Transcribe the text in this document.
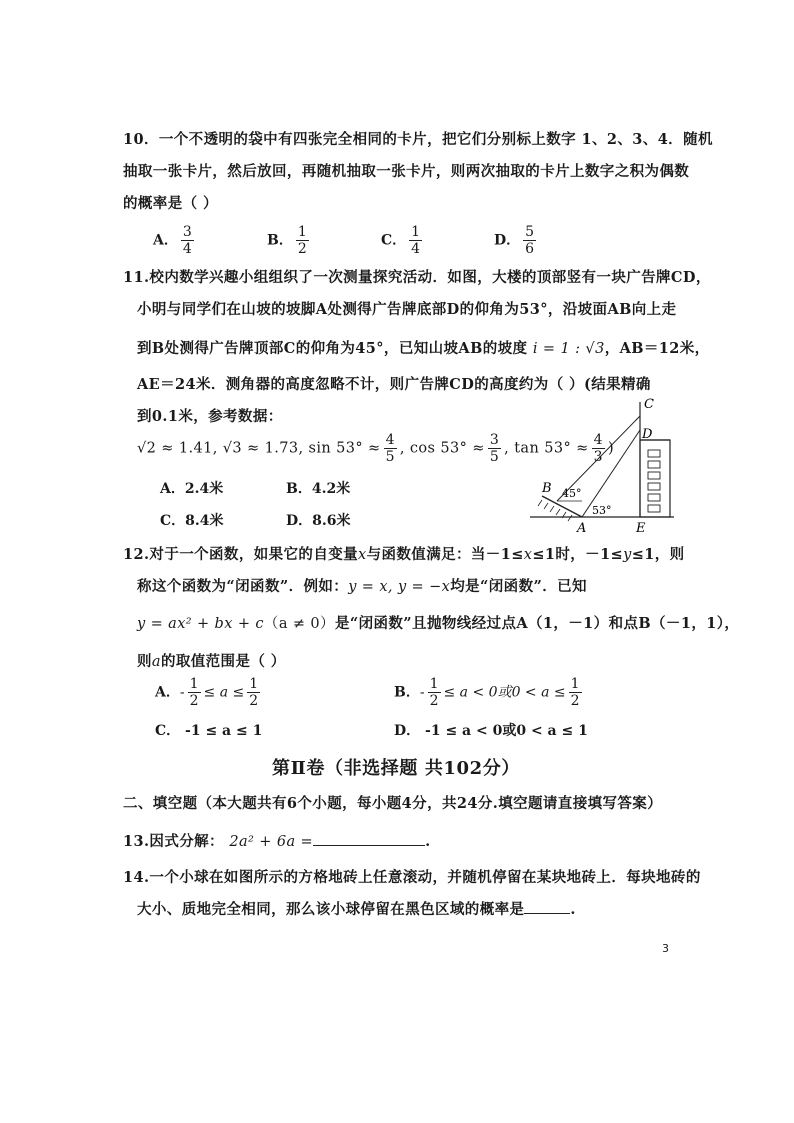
10．一个不透明的袋中有四张完全相同的卡片，把它们分别标上数字 1、2、3、4．随机
抽取一张卡片，然后放回，再随机抽取一张卡片，则两次抽取的卡片上数字之积为偶数
的概率是（ ）
A． $\frac{3}{4}$	B． $\frac{1}{2}$	C． $\frac{1}{4}$	D． $\frac{5}{6}$
11.校内数学兴趣小组组织了一次测量探究活动．如图，大楼的顶部竖有一块广告牌CD，
小明与同学们在山坡的坡脚A处测得广告牌底部D的仰角为53°，沿坡面AB向上走
到B处测得广告牌顶部C的仰角为45°，已知山坡AB的坡度 i = 1 : √3，AB＝12米，
AE＝24米．测角器的高度忽略不计，则广告牌CD的高度约为（ ）(结果精确
到0.1米，参考数据：
√2 ≈ 1.41, √3 ≈ 1.73, $\sin 53^\circ \approx \frac{4}{5}$ , $\cos 53^\circ \approx \frac{3}{5}$ , $\tan 53^\circ \approx \frac{4}{3}$ )
A．2.4米	B．4.2米
C．8.4米	D．8.6米
C
D
B
A	E
45°
53°
12.对于一个函数，如果它的自变量x与函数值满足：当－1≤x≤1时，－1≤y≤1，则
称这个函数为“闭函数”．例如：y = x, y = −x均是“闭函数”．已知
y = ax² + bx + c（a ≠ 0）是“闭函数”且抛物线经过点A（1，－1）和点B（－1，1），
则a的取值范围是（ ）
A．- $\frac{1}{2} \le a \le \frac{1}{2}$	B．- $\frac{1}{2} \le a < 0$或$0 < a \le \frac{1}{2}$
C． -1 ≤ a ≤ 1	D． -1 ≤ a < 0或0 < a ≤ 1
第Ⅱ卷（非选择题 共102分）
二、填空题（本大题共有6个小题，每小题4分，共24分.填空题请直接填写答案）
13.因式分解： 2a² + 6a =	.
14.一个小球在如图所示的方格地砖上任意滚动，并随机停留在某块地砖上．每块地砖的
大小、质地完全相同，那么该小球停留在黑色区域的概率是	.
3
